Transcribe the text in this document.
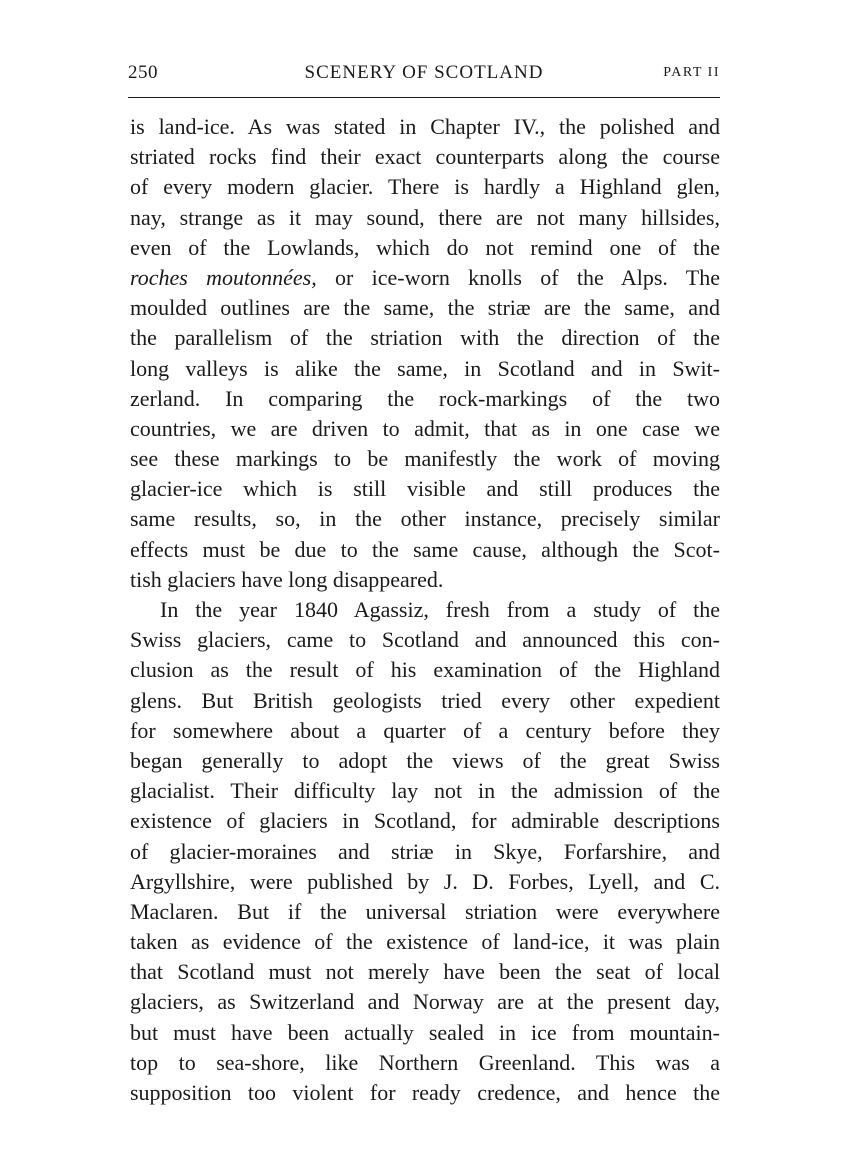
250	SCENERY OF SCOTLAND	PART II
is land-ice. As was stated in Chapter IV., the polished and
striated rocks find their exact counterparts along the course
of every modern glacier. There is hardly a Highland glen,
nay, strange as it may sound, there are not many hillsides,
even of the Lowlands, which do not remind one of the
roches moutonnées, or ice-worn knolls of the Alps. The
moulded outlines are the same, the striæ are the same, and
the parallelism of the striation with the direction of the
long valleys is alike the same, in Scotland and in Swit-
zerland. In comparing the rock-markings of the two
countries, we are driven to admit, that as in one case we
see these markings to be manifestly the work of moving
glacier-ice which is still visible and still produces the
same results, so, in the other instance, precisely similar
effects must be due to the same cause, although the Scot-
tish glaciers have long disappeared.
In the year 1840 Agassiz, fresh from a study of the
Swiss glaciers, came to Scotland and announced this con-
clusion as the result of his examination of the Highland
glens. But British geologists tried every other expedient
for somewhere about a quarter of a century before they
began generally to adopt the views of the great Swiss
glacialist. Their difficulty lay not in the admission of the
existence of glaciers in Scotland, for admirable descriptions
of glacier-moraines and striæ in Skye, Forfarshire, and
Argyllshire, were published by J. D. Forbes, Lyell, and C.
Maclaren. But if the universal striation were everywhere
taken as evidence of the existence of land-ice, it was plain
that Scotland must not merely have been the seat of local
glaciers, as Switzerland and Norway are at the present day,
but must have been actually sealed in ice from mountain-
top to sea-shore, like Northern Greenland. This was a
supposition too violent for ready credence, and hence the
